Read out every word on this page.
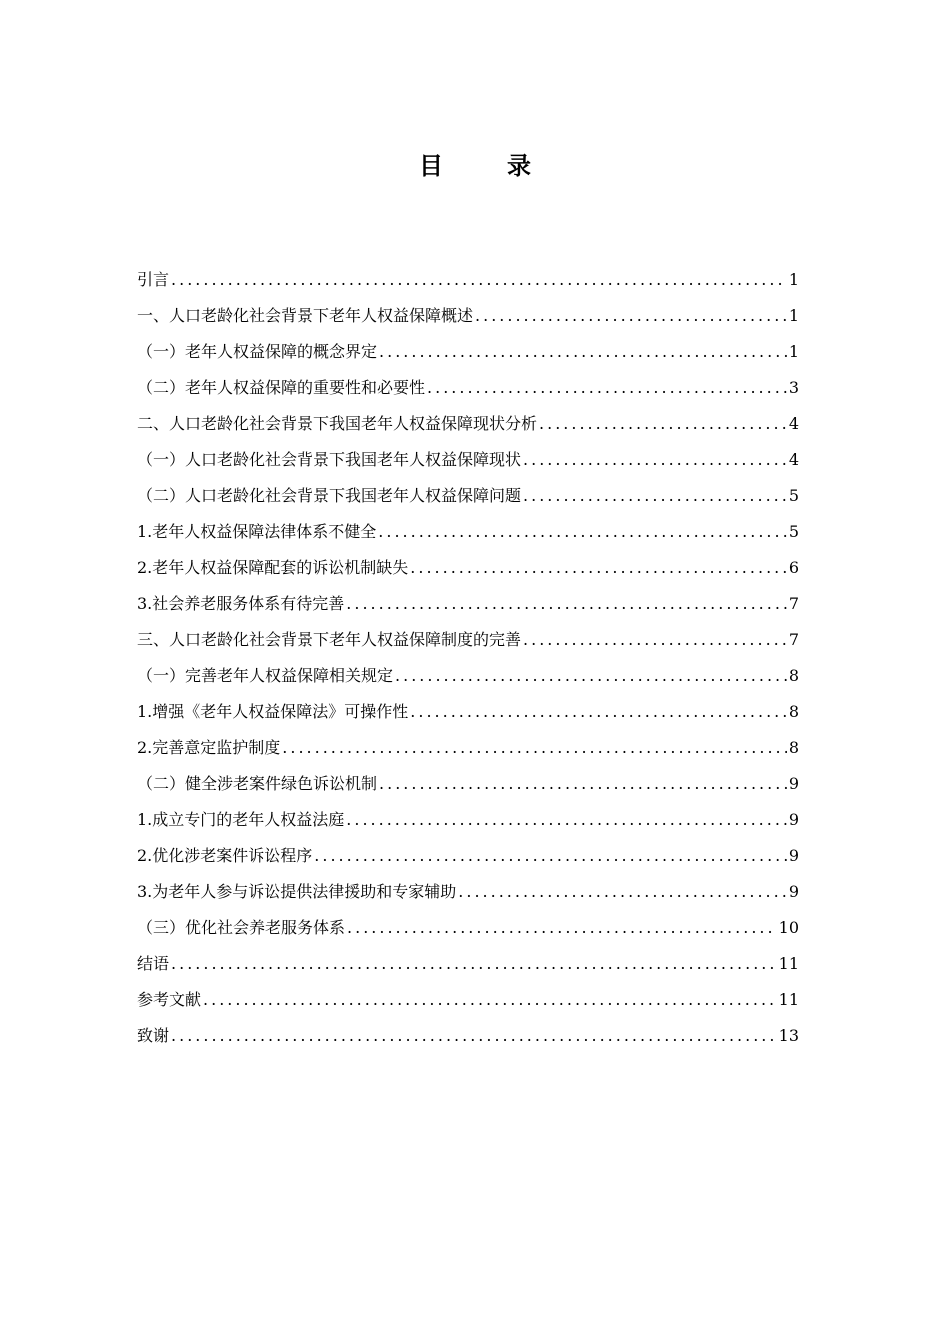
目　录
引言 .....	1
一、人口老龄化社会背景下老年人权益保障概述 .....	1
（一）老年人权益保障的概念界定 .....	1
（二）老年人权益保障的重要性和必要性 .....	3
二、人口老龄化社会背景下我国老年人权益保障现状分析 .....	4
（一）人口老龄化社会背景下我国老年人权益保障现状 .....	4
（二）人口老龄化社会背景下我国老年人权益保障问题 .....	5
1.老年人权益保障法律体系不健全 .....	5
2.老年人权益保障配套的诉讼机制缺失 .....	6
3.社会养老服务体系有待完善 .....	7
三、人口老龄化社会背景下老年人权益保障制度的完善 .....	7
（一）完善老年人权益保障相关规定 .....	8
1.增强《老年人权益保障法》可操作性 .....	8
2.完善意定监护制度 .....	8
（二）健全涉老案件绿色诉讼机制 .....	9
1.成立专门的老年人权益法庭 .....	9
2.优化涉老案件诉讼程序 .....	9
3.为老年人参与诉讼提供法律援助和专家辅助 .....	9
（三）优化社会养老服务体系 .....	10
结语 .....	11
参考文献 .....	11
致谢 .....	13
